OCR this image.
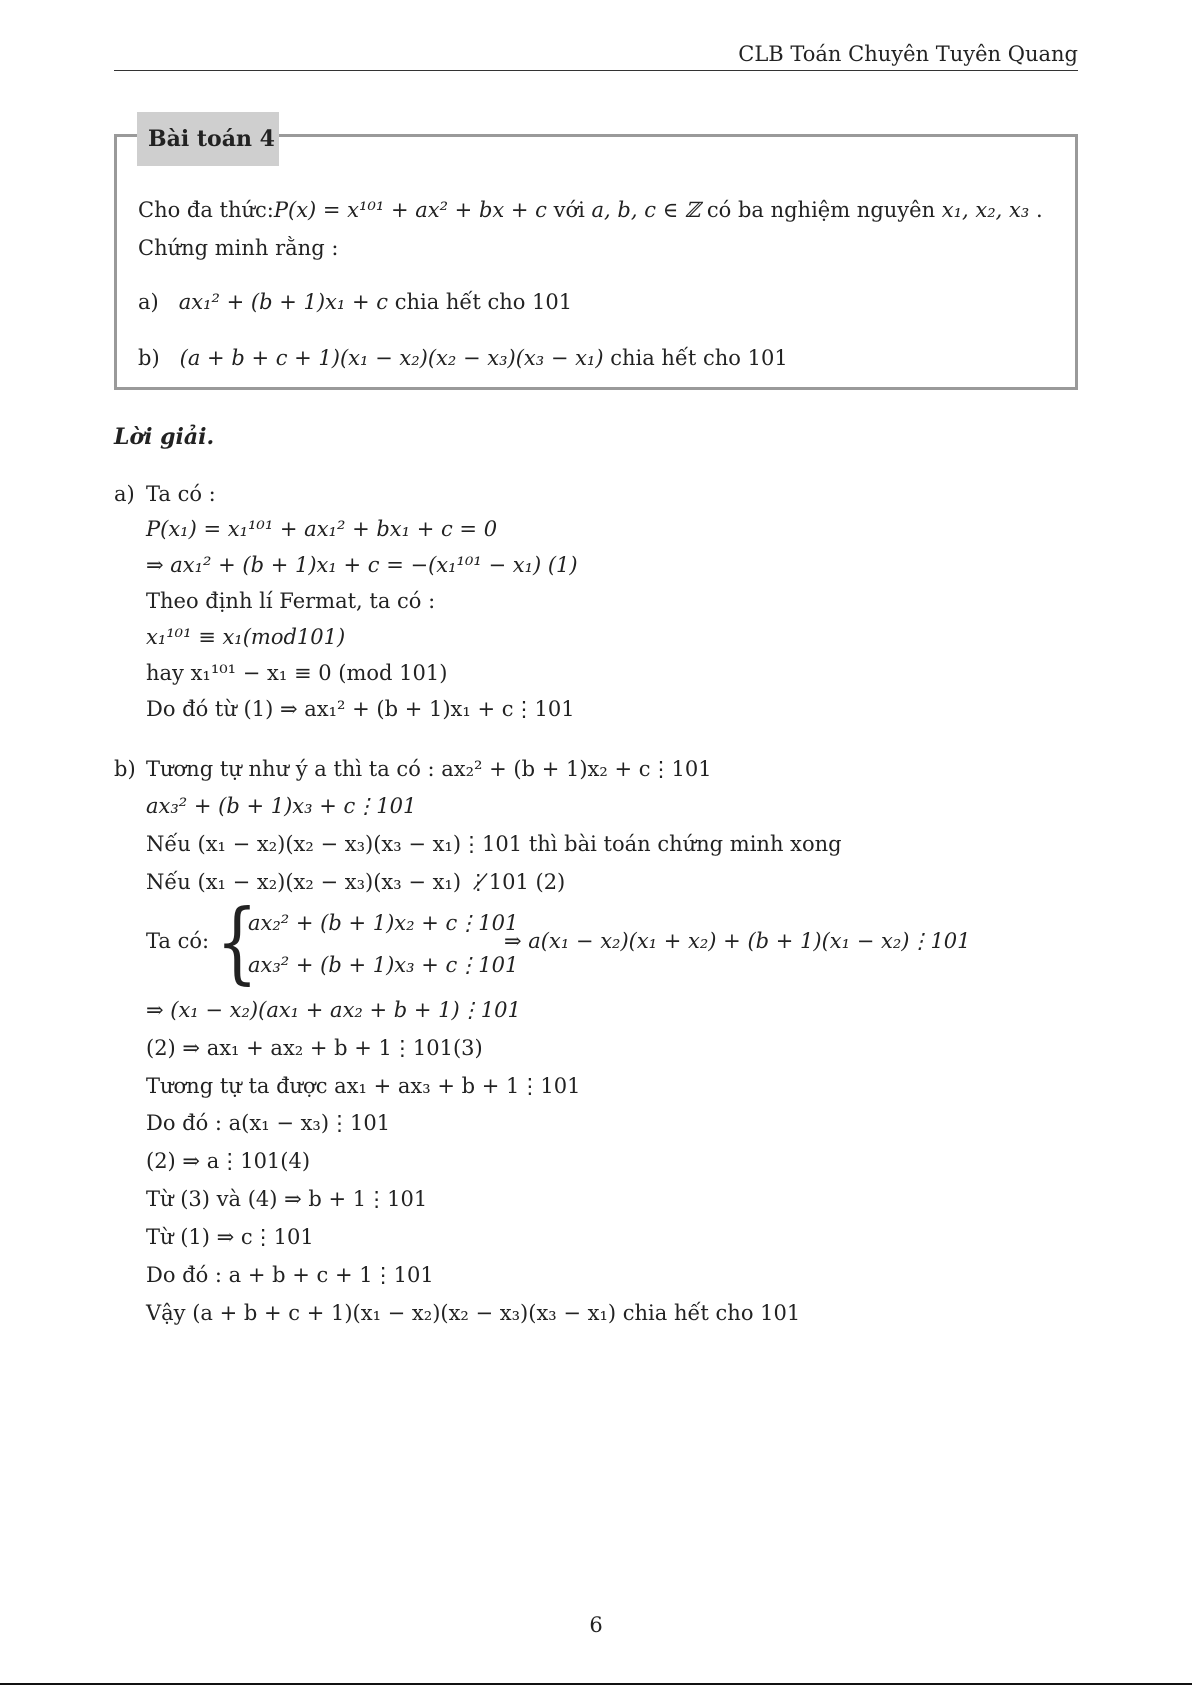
CLB Toán Chuyên Tuyên Quang
Bài toán 4
Cho đa thức:P(x) = x¹⁰¹ + ax² + bx + c với a, b, c ∈ ℤ có ba nghiệm nguyên x₁, x₂, x₃ .
Chứng minh rằng :
a) ax₁² + (b + 1)x₁ + c chia hết cho 101
b) (a + b + c + 1)(x₁ − x₂)(x₂ − x₃)(x₃ − x₁) chia hết cho 101
Lời giải.
a) Ta có :
P(x₁) = x₁¹⁰¹ + ax₁² + bx₁ + c = 0
⇒ ax₁² + (b + 1)x₁ + c = −(x₁¹⁰¹ − x₁) (1)
Theo định lí Fermat, ta có :
x₁¹⁰¹ ≡ x₁(mod101)
hay x₁¹⁰¹ − x₁ ≡ 0 (mod 101)
Do đó từ (1) ⇒ ax₁² + (b + 1)x₁ + c⋮101
b) Tương tự như ý a thì ta có : ax₂² + (b + 1)x₂ + c⋮101
ax₃² + (b + 1)x₃ + c⋮101
Nếu (x₁ − x₂)(x₂ − x₃)(x₃ − x₁)⋮101 thì bài toán chứng minh xong
Nếu (x₁ − x₂)(x₂ − x₃)(x₃ − x₁) ⋮̸101 (2)
Ta có: {
ax₂² + (b + 1)x₂ + c⋮101
ax₃² + (b + 1)x₃ + c⋮101
⇒ a(x₁ − x₂)(x₁ + x₂) + (b + 1)(x₁ − x₂)⋮101
⇒ (x₁ − x₂)(ax₁ + ax₂ + b + 1)⋮101
(2) ⇒ ax₁ + ax₂ + b + 1⋮101(3)
Tương tự ta được ax₁ + ax₃ + b + 1⋮101
Do đó : a(x₁ − x₃)⋮101
(2) ⇒ a⋮101(4)
Từ (3) và (4) ⇒ b + 1⋮101
Từ (1) ⇒ c⋮101
Do đó : a + b + c + 1⋮101
Vậy (a + b + c + 1)(x₁ − x₂)(x₂ − x₃)(x₃ − x₁) chia hết cho 101
6
